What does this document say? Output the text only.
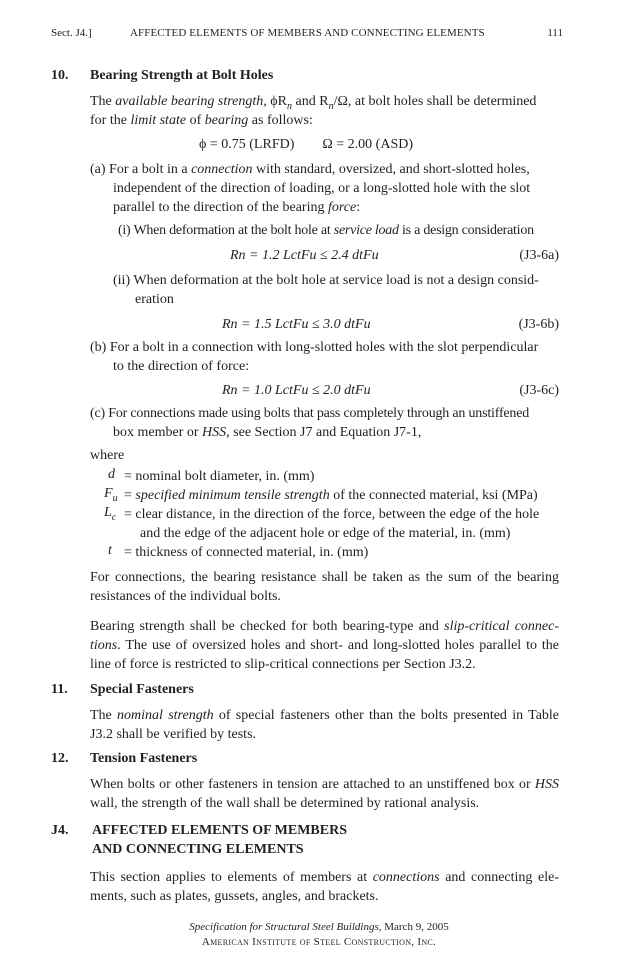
Sect. J4.]	AFFECTED ELEMENTS OF MEMBERS AND CONNECTING ELEMENTS	111
10. Bearing Strength at Bolt Holes
The available bearing strength, $\phi R_n$ and $R_n/\Omega$, at bolt holes shall be determined
for the limit state of bearing as follows:
ϕ = 0.75 (LRFD)        Ω = 2.00 (ASD)
(a) For a bolt in a connection with standard, oversized, and short-slotted holes,
independent of the direction of loading, or a long-slotted hole with the slot
parallel to the direction of the bearing force:
(i) When deformation at the bolt hole at service load is a design consideration
Rn = 1.2 LctFu ≤ 2.4 dtFu	(J3-6a)
(ii) When deformation at the bolt hole at service load is not a design consid-
eration
Rn = 1.5 LctFu ≤ 3.0 dtFu	(J3-6b)
(b) For a bolt in a connection with long-slotted holes with the slot perpendicular
to the direction of force:
Rn = 1.0 LctFu ≤ 2.0 dtFu	(J3-6c)
(c) For connections made using bolts that pass completely through an unstiffened
box member or HSS, see Section J7 and Equation J7-1,
where
d = nominal bolt diameter, in. (mm)
$F_u$ = specified minimum tensile strength of the connected material, ksi (MPa)
$L_c$ = clear distance, in the direction of the force, between the edge of the hole
and the edge of the adjacent hole or edge of the material, in. (mm)
t = thickness of connected material, in. (mm)
For connections, the bearing resistance shall be taken as the sum of the bearing resistances of the individual bolts.
Bearing strength shall be checked for both bearing-type and slip-critical connec-tions. The use of oversized holes and short- and long-slotted holes parallel to the line of force is restricted to slip-critical connections per Section J3.2.
11. Special Fasteners
The nominal strength of special fasteners other than the bolts presented in Table J3.2 shall be verified by tests.
12. Tension Fasteners
When bolts or other fasteners in tension are attached to an unstiffened box or HSS wall, the strength of the wall shall be determined by rational analysis.
J4. AFFECTED ELEMENTS OF MEMBERS
AND CONNECTING ELEMENTS
This section applies to elements of members at connections and connecting ele-ments, such as plates, gussets, angles, and brackets.
Specification for Structural Steel Buildings, March 9, 2005
American Institute of Steel Construction, Inc.
